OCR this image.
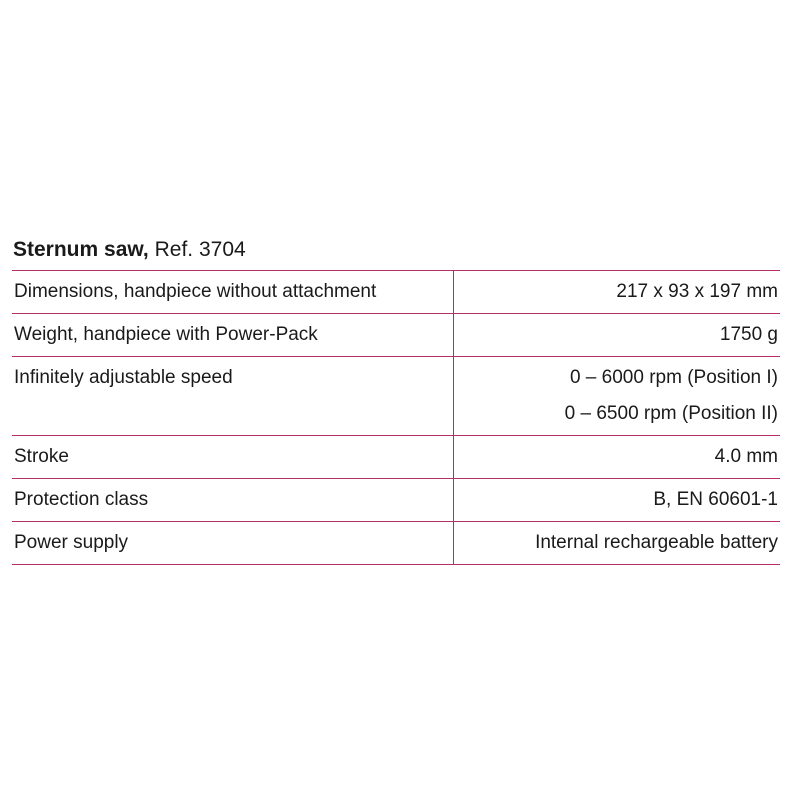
Sternum saw, Ref. 3704
Dimensions, handpiece without attachment	217 x 93 x 197 mm

Weight, handpiece with Power-Pack	1750 g

Infinitely adjustable speed	0 – 6000 rpm (Position I)
0 – 6500 rpm (Position II)

Stroke	4.0 mm

Protection class	B, EN 60601-1

Power supply	Internal rechargeable battery
